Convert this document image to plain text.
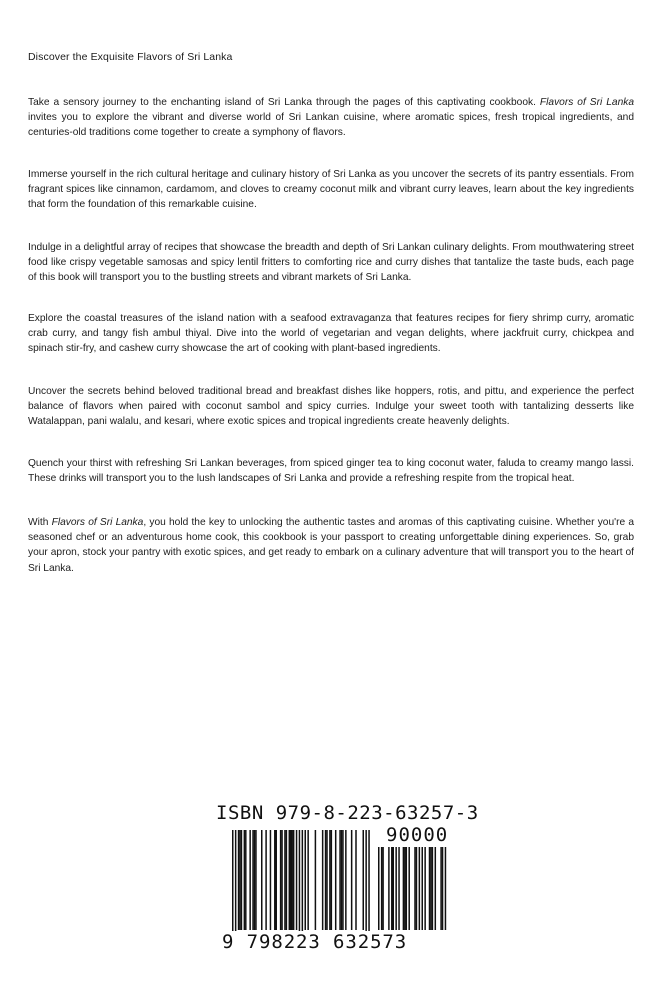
Discover the Exquisite Flavors of Sri Lanka

Take a sensory journey to the enchanting island of Sri Lanka through the pages of this captivating cookbook. Flavors of Sri Lanka invites you to explore the vibrant and diverse world of Sri Lankan cuisine, where aromatic spices, fresh tropical ingredients, and centuries-old traditions come together to create a symphony of flavors.

Immerse yourself in the rich cultural heritage and culinary history of Sri Lanka as you uncover the secrets of its pantry essentials. From fragrant spices like cinnamon, cardamom, and cloves to creamy coconut milk and vibrant curry leaves, learn about the key ingredients that form the foundation of this remarkable cuisine.

Indulge in a delightful array of recipes that showcase the breadth and depth of Sri Lankan culinary delights. From mouthwatering street food like crispy vegetable samosas and spicy lentil fritters to comforting rice and curry dishes that tantalize the taste buds, each page of this book will transport you to the bustling streets and vibrant markets of Sri Lanka.

Explore the coastal treasures of the island nation with a seafood extravaganza that features recipes for fiery shrimp curry, aromatic crab curry, and tangy fish ambul thiyal. Dive into the world of vegetarian and vegan delights, where jackfruit curry, chickpea and spinach stir-fry, and cashew curry showcase the art of cooking with plant-based ingredients.

Uncover the secrets behind beloved traditional bread and breakfast dishes like hoppers, rotis, and pittu, and experience the perfect balance of flavors when paired with coconut sambol and spicy curries. Indulge your sweet tooth with tantalizing desserts like Watalappan, pani walalu, and kesari, where exotic spices and tropical ingredients create heavenly delights.

Quench your thirst with refreshing Sri Lankan beverages, from spiced ginger tea to king coconut water, faluda to creamy mango lassi. These drinks will transport you to the lush landscapes of Sri Lanka and provide a refreshing respite from the tropical heat.

With Flavors of Sri Lanka, you hold the key to unlocking the authentic tastes and aromas of this captivating cuisine. Whether you're a seasoned chef or an adventurous home cook, this cookbook is your passport to creating unforgettable dining experiences. So, grab your apron, stock your pantry with exotic spices, and get ready to embark on a culinary adventure that will transport you to the heart of Sri Lanka.

ISBN 979-8-223-63257-3
90000
9 798223 632573
